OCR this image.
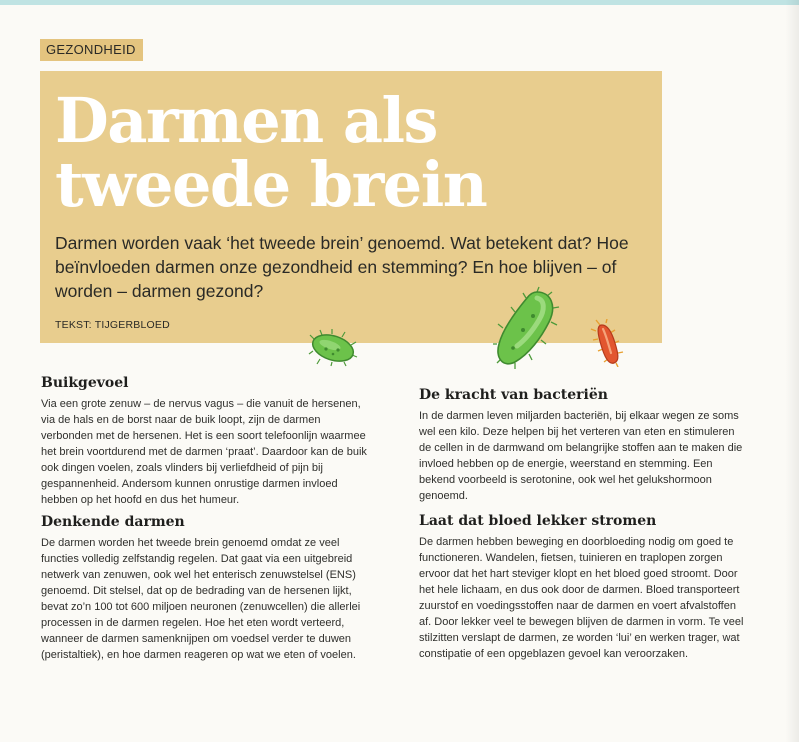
GEZONDHEID
Darmen als
tweede brein

Darmen worden vaak ‘het tweede brein’ genoemd. Wat betekent dat? Hoe beïnvloeden darmen onze gezondheid en stemming? En hoe blijven – of worden – darmen gezond?

TEKST: TIJGERBLOED
Buikgevoel

Via een grote zenuw – de nervus vagus – die vanuit de hersenen, via de hals en de borst naar de buik loopt, zijn de darmen verbonden met de hersenen. Het is een soort telefoonlijn waarmee het brein voortdurend met de darmen ‘praat’. Daardoor kan de buik ook dingen voelen, zoals vlinders bij verliefdheid of pijn bij gespannenheid. Andersom kunnen onrustige darmen invloed hebben op het hoofd en dus het humeur.

Denkende darmen

De darmen worden het tweede brein genoemd omdat ze veel functies volledig zelfstandig regelen. Dat gaat via een uitgebreid netwerk van zenuwen, ook wel het enterisch zenuwstelsel (ENS) genoemd. Dit stelsel, dat op de bedrading van de hersenen lijkt, bevat zo’n 100 tot 600 miljoen neuronen (zenuwcellen) die allerlei processen in de darmen regelen. Hoe het eten wordt verteerd, wanneer de darmen samenknijpen om voedsel verder te duwen (peristaltiek), en hoe darmen reageren op wat we eten of voelen.

De kracht van bacteriën

In de darmen leven miljarden bacteriën, bij elkaar wegen ze soms wel een kilo. Deze helpen bij het verteren van eten en stimuleren de cellen in de darmwand om belangrijke stoffen aan te maken die invloed hebben op de energie, weerstand en stemming. Een bekend voorbeeld is serotonine, ook wel het gelukshormoon genoemd.

Laat dat bloed lekker stromen

De darmen hebben beweging en doorbloeding nodig om goed te functioneren. Wandelen, fietsen, tuinieren en traplopen zorgen ervoor dat het hart steviger klopt en het bloed goed stroomt. Door het hele lichaam, en dus ook door de darmen. Bloed transporteert zuurstof en voedingsstoffen naar de darmen en voert afvalstoffen af. Door lekker veel te bewegen blijven de darmen in vorm. Te veel stilzitten verslapt de darmen, ze worden ‘lui’ en werken trager, wat constipatie of een opgeblazen gevoel kan veroorzaken.
